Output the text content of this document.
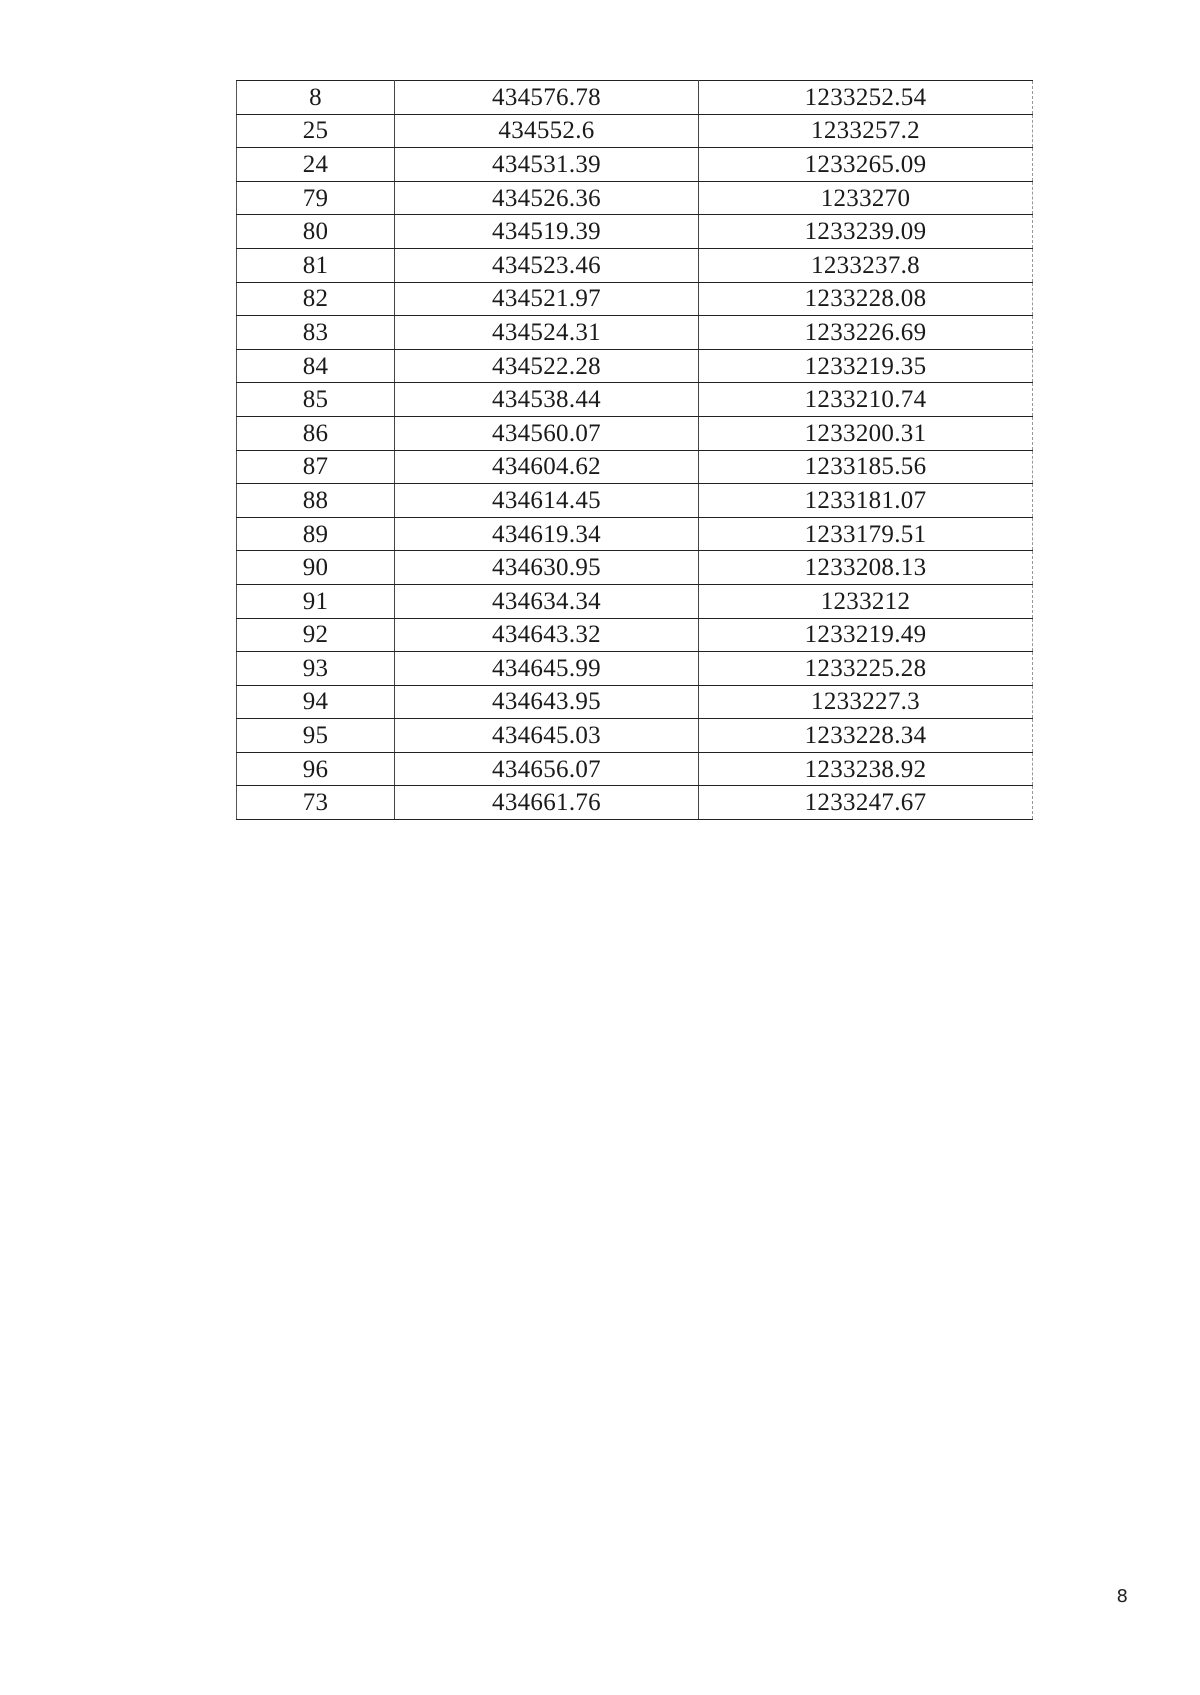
8	434576.78	1233252.54
25	434552.6	1233257.2
24	434531.39	1233265.09
79	434526.36	1233270
80	434519.39	1233239.09
81	434523.46	1233237.8
82	434521.97	1233228.08
83	434524.31	1233226.69
84	434522.28	1233219.35
85	434538.44	1233210.74
86	434560.07	1233200.31
87	434604.62	1233185.56
88	434614.45	1233181.07
89	434619.34	1233179.51
90	434630.95	1233208.13
91	434634.34	1233212
92	434643.32	1233219.49
93	434645.99	1233225.28
94	434643.95	1233227.3
95	434645.03	1233228.34
96	434656.07	1233238.92
73	434661.76	1233247.67
8
